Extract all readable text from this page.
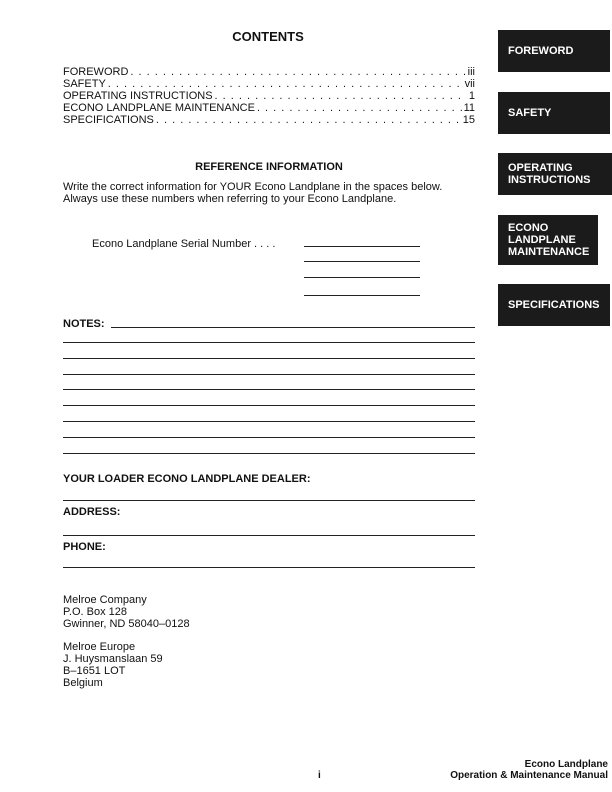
CONTENTS
FOREWORD . . .	iii
SAFETY . . .	vii
OPERATING INSTRUCTIONS . . .	1
ECONO LANDPLANE MAINTENANCE . . .	11
SPECIFICATIONS . . .	15
FOREWORD
SAFETY
OPERATING INSTRUCTIONS
ECONO LANDPLANE MAINTENANCE
SPECIFICATIONS
REFERENCE INFORMATION
Write the correct information for YOUR Econo Landplane in the spaces below.
Always use these numbers when referring to your Econo Landplane.
Econo Landplane Serial Number . . . .
NOTES:
YOUR LOADER ECONO LANDPLANE DEALER:
ADDRESS:
PHONE:
Melroe Company
P.O. Box 128
Gwinner, ND 58040–0128
Melroe Europe
J. Huysmanslaan 59
B–1651 LOT
Belgium
i
Econo Landplane
Operation & Maintenance Manual
